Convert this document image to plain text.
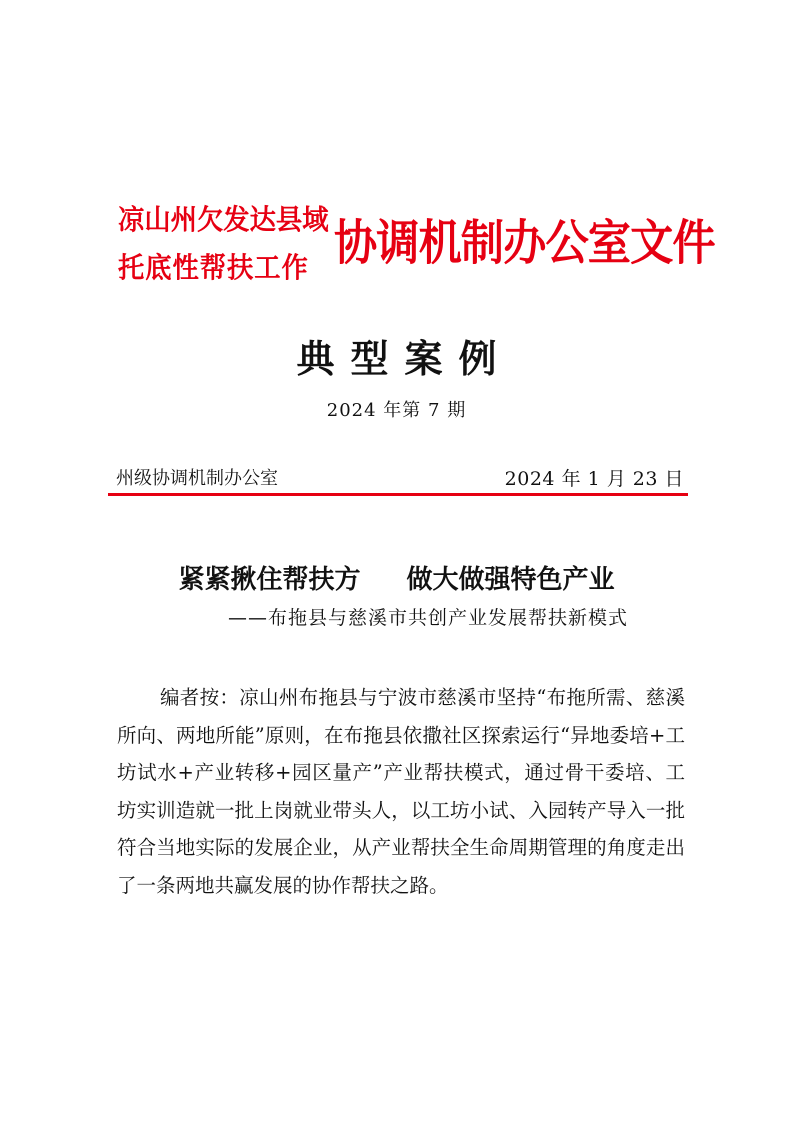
凉山州欠发达县域
托底性帮扶工作 协调机制办公室文件
典型案例
2024 年第 7 期
州级协调机制办公室	2024 年 1 月 23 日
紧紧揪住帮扶方 做大做强特色产业
——布拖县与慈溪市共创产业发展帮扶新模式
编者按：凉山州布拖县与宁波市慈溪市坚持“布拖所需、慈溪所向、两地所能”原则，在布拖县依撒社区探索运行“异地委培+工坊试水+产业转移+园区量产”产业帮扶模式，通过骨干委培、工坊实训造就一批上岗就业带头人，以工坊小试、入园转产导入一批符合当地实际的发展企业，从产业帮扶全生命周期管理的角度走出了一条两地共赢发展的协作帮扶之路。
